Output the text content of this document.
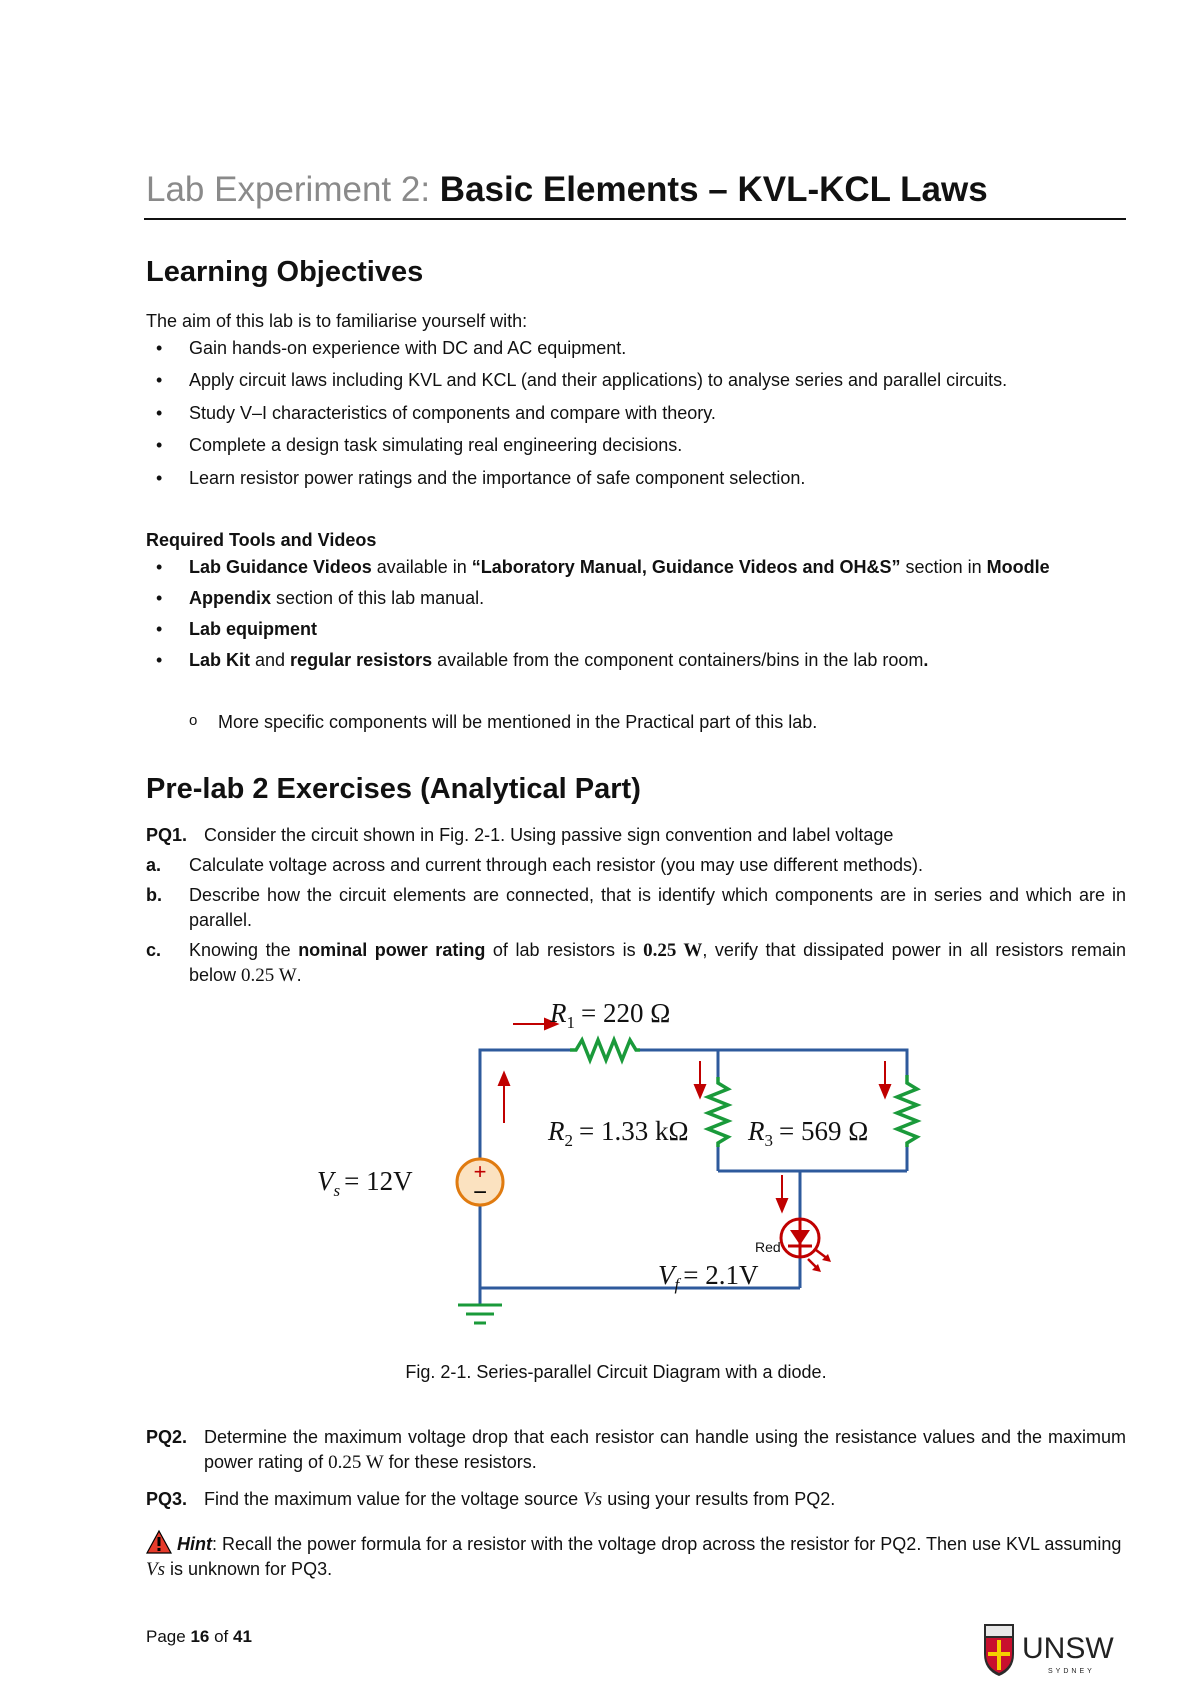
Lab Experiment 2: Basic Elements – KVL-KCL Laws
Learning Objectives
The aim of this lab is to familiarise yourself with:
• Gain hands-on experience with DC and AC equipment.
• Apply circuit laws including KVL and KCL (and their applications) to analyse series and parallel circuits.
• Study V–I characteristics of components and compare with theory.
• Complete a design task simulating real engineering decisions.
• Learn resistor power ratings and the importance of safe component selection.
Required Tools and Videos
• Lab Guidance Videos available in “Laboratory Manual, Guidance Videos and OH&S” section in Moodle
• Appendix section of this lab manual.
• Lab equipment
• Lab Kit and regular resistors available from the component containers/bins in the lab room.
o More specific components will be mentioned in the Practical part of this lab.
Pre-lab 2 Exercises (Analytical Part)
PQ1. Consider the circuit shown in Fig. 2-1. Using passive sign convention and label voltage
a. Calculate voltage across and current through each resistor (you may use different methods).
b. Describe how the circuit elements are connected, that is identify which components are in series and which are in parallel.
c. Knowing the nominal power rating of lab resistors is 0.25 W, verify that dissipated power in all resistors remain below 0.25 W.
PQ2. Determine the maximum voltage drop that each resistor can handle using the resistance values and the maximum power rating of 0.25 W for these resistors.
PQ3. Find the maximum value for the voltage source Vs using your results from PQ2.
Hint: Recall the power formula for a resistor with the voltage drop across the resistor for PQ2. Then use KVL assuming Vs is unknown for PQ3.
Page 16 of 41
+
−
$R_1 = 220$ Ω
$R_2 = 1.33$ kΩ $R_3 = 569$ Ω
$V_s = 12V$
$V_f = 2.1V$
Red
Fig. 2-1. Series-parallel Circuit Diagram with a diode.
UNSW
SYDNEY
